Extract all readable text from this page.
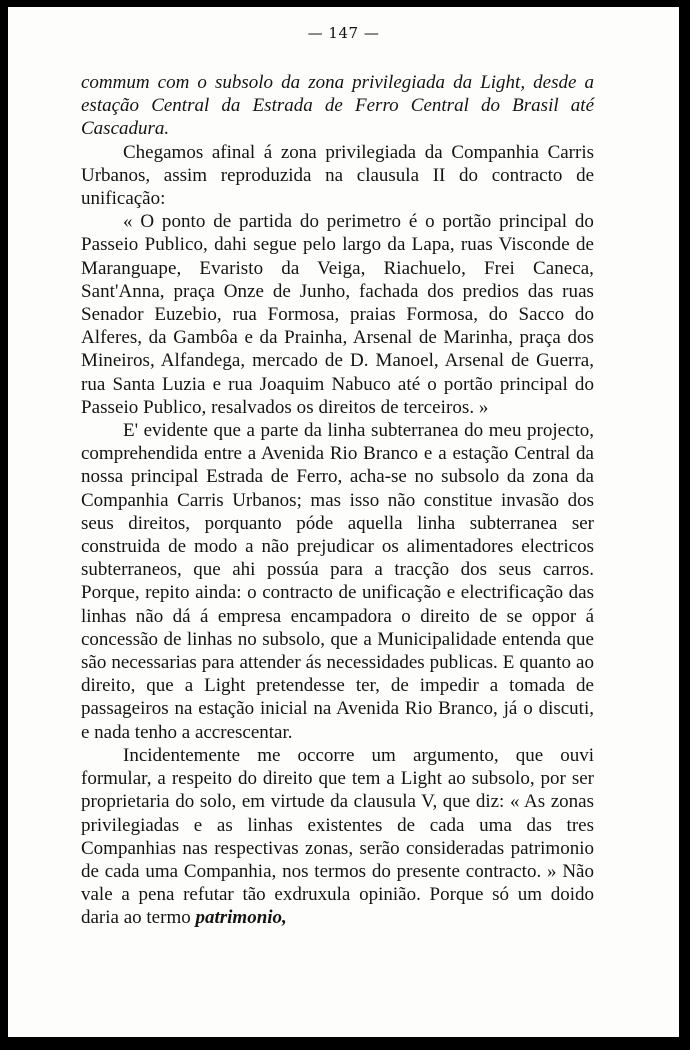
— 147 —

commum com o subsolo da zona privilegiada da Light, desde a estação Central da Estrada de Ferro Central do Brasil até Cascadura.

Chegamos afinal á zona privilegiada da Companhia Carris Urbanos, assim reproduzida na clausula II do contracto de unificação:

« O ponto de partida do perimetro é o portão principal do Passeio Publico, dahi segue pelo largo da Lapa, ruas Visconde de Maranguape, Evaristo da Veiga, Riachuelo, Frei Caneca, Sant'Anna, praça Onze de Junho, fachada dos predios das ruas Senador Euzebio, rua Formosa, praias Formosa, do Sacco do Alferes, da Gambôa e da Prainha, Arsenal de Marinha, praça dos Mineiros, Alfandega, mercado de D. Manoel, Arsenal de Guerra, rua Santa Luzia e rua Joaquim Nabuco até o portão principal do Passeio Publico, resalvados os direitos de terceiros. »

E' evidente que a parte da linha subterranea do meu projecto, comprehendida entre a Avenida Rio Branco e a estação Central da nossa principal Estrada de Ferro, acha-se no subsolo da zona da Companhia Carris Urbanos; mas isso não constitue invasão dos seus direitos, porquanto póde aquella linha subterranea ser construida de modo a não prejudicar os alimentadores electricos subterraneos, que ahi possúa para a tracção dos seus carros. Porque, repito ainda: o contracto de unificação e electrificação das linhas não dá á empresa encampadora o direito de se oppor á concessão de linhas no subsolo, que a Municipalidade entenda que são necessarias para attender ás necessidades publicas. E quanto ao direito, que a Light pretendesse ter, de impedir a tomada de passageiros na estação inicial na Avenida Rio Branco, já o discuti, e nada tenho a accrescentar.

Incidentemente me occorre um argumento, que ouvi formular, a respeito do direito que tem a Light ao subsolo, por ser proprietaria do solo, em virtude da clausula V, que diz: « As zonas privilegiadas e as linhas existentes de cada uma das tres Companhias nas respectivas zonas, serão consideradas patrimonio de cada uma Companhia, nos termos do presente contracto. » Não vale a pena refutar tão exdruxula opinião. Porque só um doido daria ao termo patrimonio,
